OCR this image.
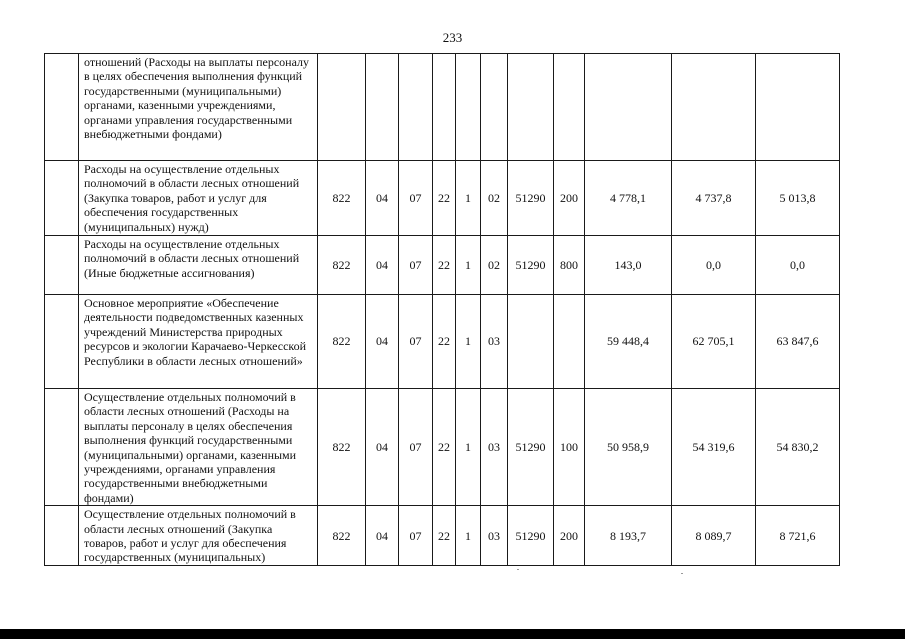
233
	отношений (Расходы на выплаты персоналу в целях обеспечения выполнения функций государственными (муниципальными) органами, казенными учреждениями, органами управления государственными внебюджетными фондами)											
	Расходы на осуществление отдельных полномочий в области лесных отношений (Закупка товаров, работ и услуг для обеспечения государственных (муниципальных) нужд)	822	04	07	22	1	02	51290	200	4 778,1	4 737,8	5 013,8
	Расходы на осуществление отдельных полномочий в области лесных отношений (Иные бюджетные ассигнования)	822	04	07	22	1	02	51290	800	143,0	0,0	0,0
	Основное мероприятие «Обеспечение деятельности подведомственных казенных учреждений Министерства природных ресурсов и экологии Карачаево-Черкесской Республики в области лесных отношений»	822	04	07	22	1	03			59 448,4	62 705,1	63 847,6
	Осуществление отдельных полномочий в области лесных отношений (Расходы на выплаты персоналу в целях обеспечения выполнения функций государственными (муниципальными) органами, казенными учреждениями, органами управления государственными внебюджетными фондами)	822	04	07	22	1	03	51290	100	50 958,9	54 319,6	54 830,2
	Осуществление отдельных полномочий в области лесных отношений (Закупка товаров, работ и услуг для обеспечения государственных (муниципальных)	822	04	07	22	1	03	51290	200	8 193,7	8 089,7	8 721,6
